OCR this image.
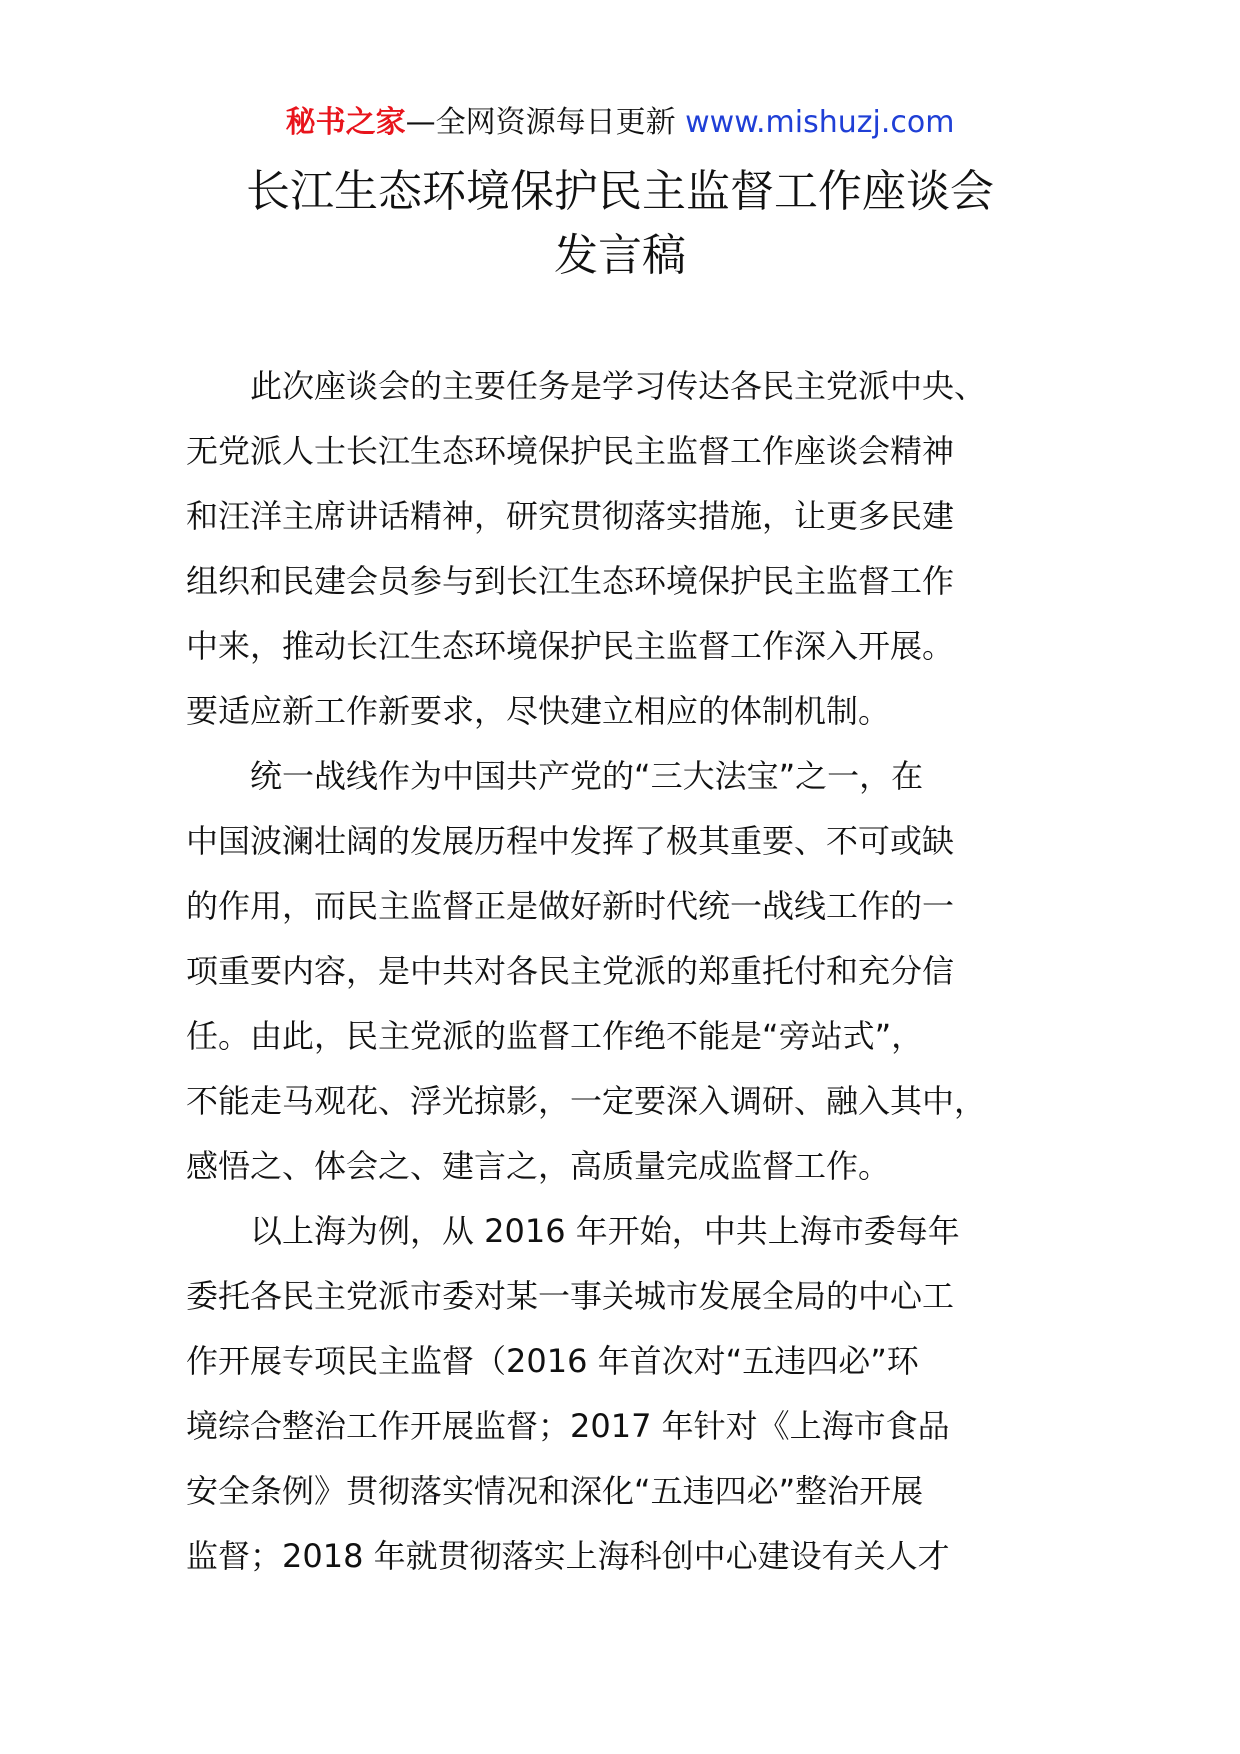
秘书之家—全网资源每日更新 www.mishuzj.com
长江生态环境保护民主监督工作座谈会
发言稿
此次座谈会的主要任务是学习传达各民主党派中央、
无党派人士长江生态环境保护民主监督工作座谈会精神
和汪洋主席讲话精神，研究贯彻落实措施，让更多民建
组织和民建会员参与到长江生态环境保护民主监督工作
中来，推动长江生态环境保护民主监督工作深入开展。
要适应新工作新要求，尽快建立相应的体制机制。
统一战线作为中国共产党的“三大法宝”之一，在
中国波澜壮阔的发展历程中发挥了极其重要、不可或缺
的作用，而民主监督正是做好新时代统一战线工作的一
项重要内容，是中共对各民主党派的郑重托付和充分信
任。由此，民主党派的监督工作绝不能是“旁站式”，
不能走马观花、浮光掠影，一定要深入调研、融入其中，
感悟之、体会之、建言之，高质量完成监督工作。
以上海为例，从 2016 年开始，中共上海市委每年
委托各民主党派市委对某一事关城市发展全局的中心工
作开展专项民主监督（2016 年首次对“五违四必”环
境综合整治工作开展监督；2017 年针对《上海市食品
安全条例》贯彻落实情况和深化“五违四必”整治开展
监督；2018 年就贯彻落实上海科创中心建设有关人才
